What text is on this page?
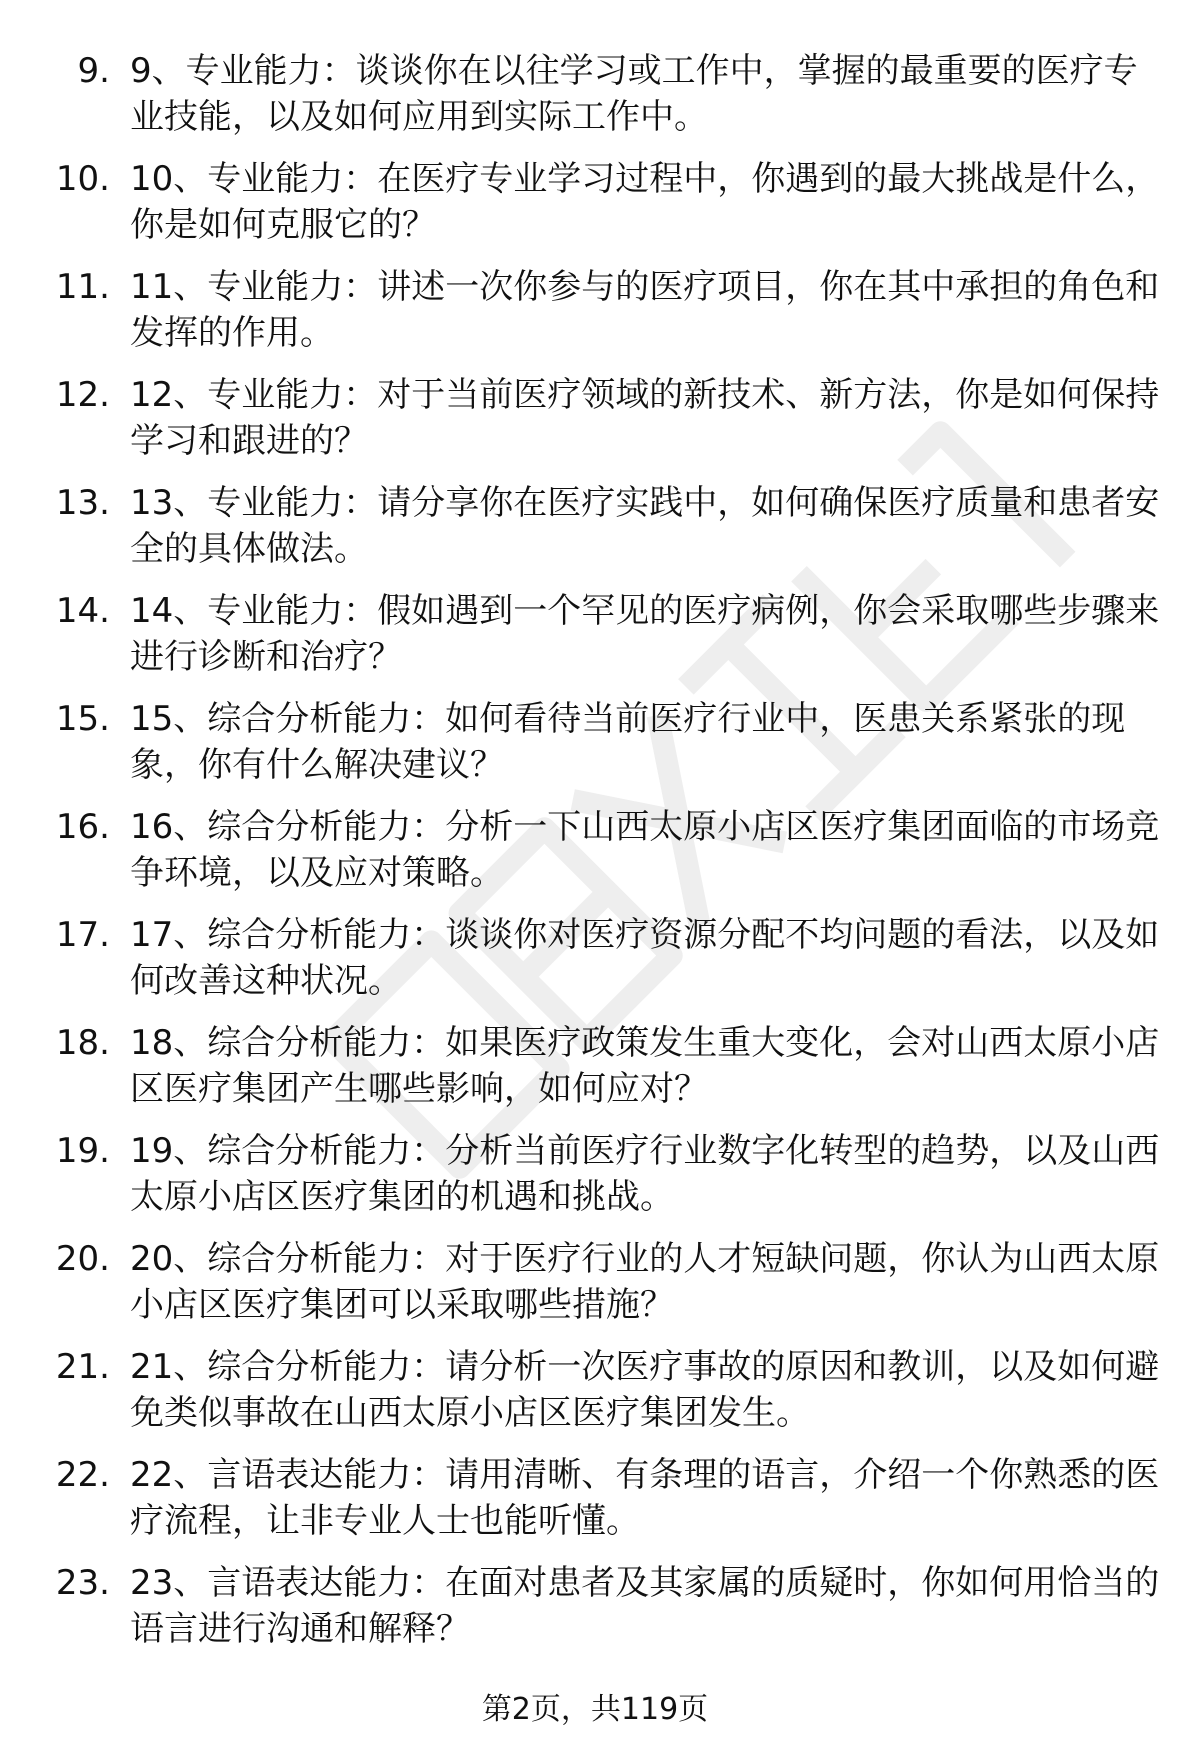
9. 9、专业能力：谈谈你在以往学习或工作中，掌握的最重要的医疗专业技能，以及如何应用到实际工作中。
10. 10、专业能力：在医疗专业学习过程中，你遇到的最大挑战是什么，你是如何克服它的？
11. 11、专业能力：讲述一次你参与的医疗项目，你在其中承担的角色和发挥的作用。
12. 12、专业能力：对于当前医疗领域的新技术、新方法，你是如何保持学习和跟进的？
13. 13、专业能力：请分享你在医疗实践中，如何确保医疗质量和患者安全的具体做法。
14. 14、专业能力：假如遇到一个罕见的医疗病例，你会采取哪些步骤来进行诊断和治疗？
15. 15、综合分析能力：如何看待当前医疗行业中，医患关系紧张的现象，你有什么解决建议？
16. 16、综合分析能力：分析一下山西太原小店区医疗集团面临的市场竞争环境，以及应对策略。
17. 17、综合分析能力：谈谈你对医疗资源分配不均问题的看法，以及如何改善这种状况。
18. 18、综合分析能力：如果医疗政策发生重大变化，会对山西太原小店区医疗集团产生哪些影响，如何应对？
19. 19、综合分析能力：分析当前医疗行业数字化转型的趋势，以及山西太原小店区医疗集团的机遇和挑战。
20. 20、综合分析能力：对于医疗行业的人才短缺问题，你认为山西太原小店区医疗集团可以采取哪些措施？
21. 21、综合分析能力：请分析一次医疗事故的原因和教训，以及如何避免类似事故在山西太原小店区医疗集团发生。
22. 22、言语表达能力：请用清晰、有条理的语言，介绍一个你熟悉的医疗流程，让非专业人士也能听懂。
23. 23、言语表达能力：在面对患者及其家属的质疑时，你如何用恰当的语言进行沟通和解释？
第2页，共119页
